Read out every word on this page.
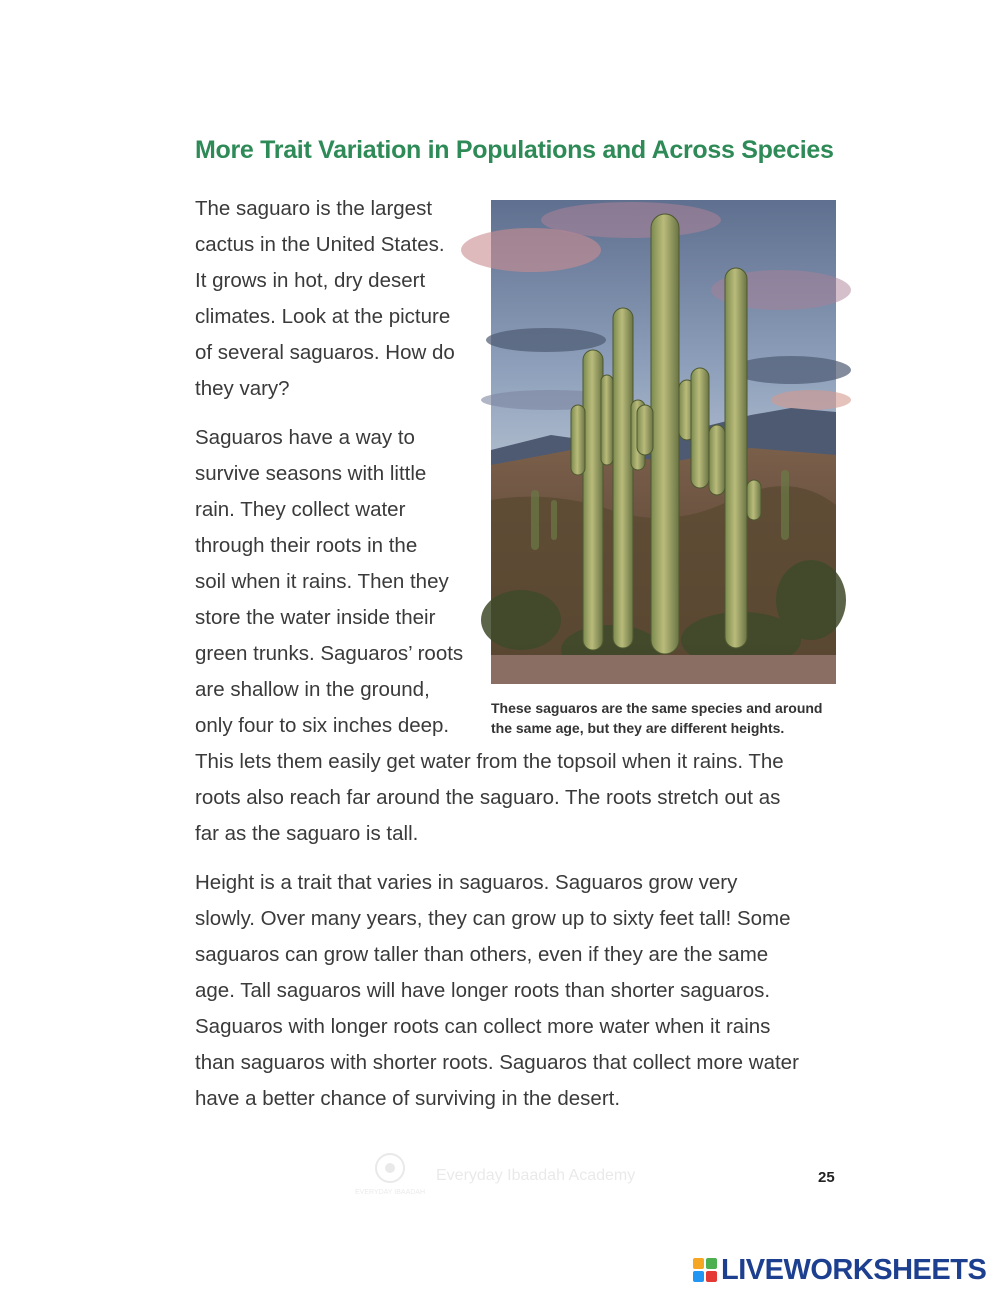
More Trait Variation in Populations and Across Species

The saguaro is the largest
cactus in the United States.
It grows in hot, dry desert
climates. Look at the picture
of several saguaros. How do
they vary?

Saguaros have a way to
survive seasons with little
rain. They collect water
through their roots in the
soil when it rains. Then they
store the water inside their
green trunks. Saguaros’ roots
are shallow in the ground,
only four to six inches deep.
This lets them easily get water from the topsoil when it rains. The
roots also reach far around the saguaro. The roots stretch out as
far as the saguaro is tall.

Height is a trait that varies in saguaros. Saguaros grow very
slowly. Over many years, they can grow up to sixty feet tall! Some
saguaros can grow taller than others, even if they are the same
age. Tall saguaros will have longer roots than shorter saguaros.
Saguaros with longer roots can collect more water when it rains
than saguaros with shorter roots. Saguaros that collect more water
have a better chance of surviving in the desert.

These saguaros are the same species and around
the same age, but they are different heights.
EVERYDAY IBAADAH
Everyday Ibaadah Academy	25
LIVEWORKSHEETS
